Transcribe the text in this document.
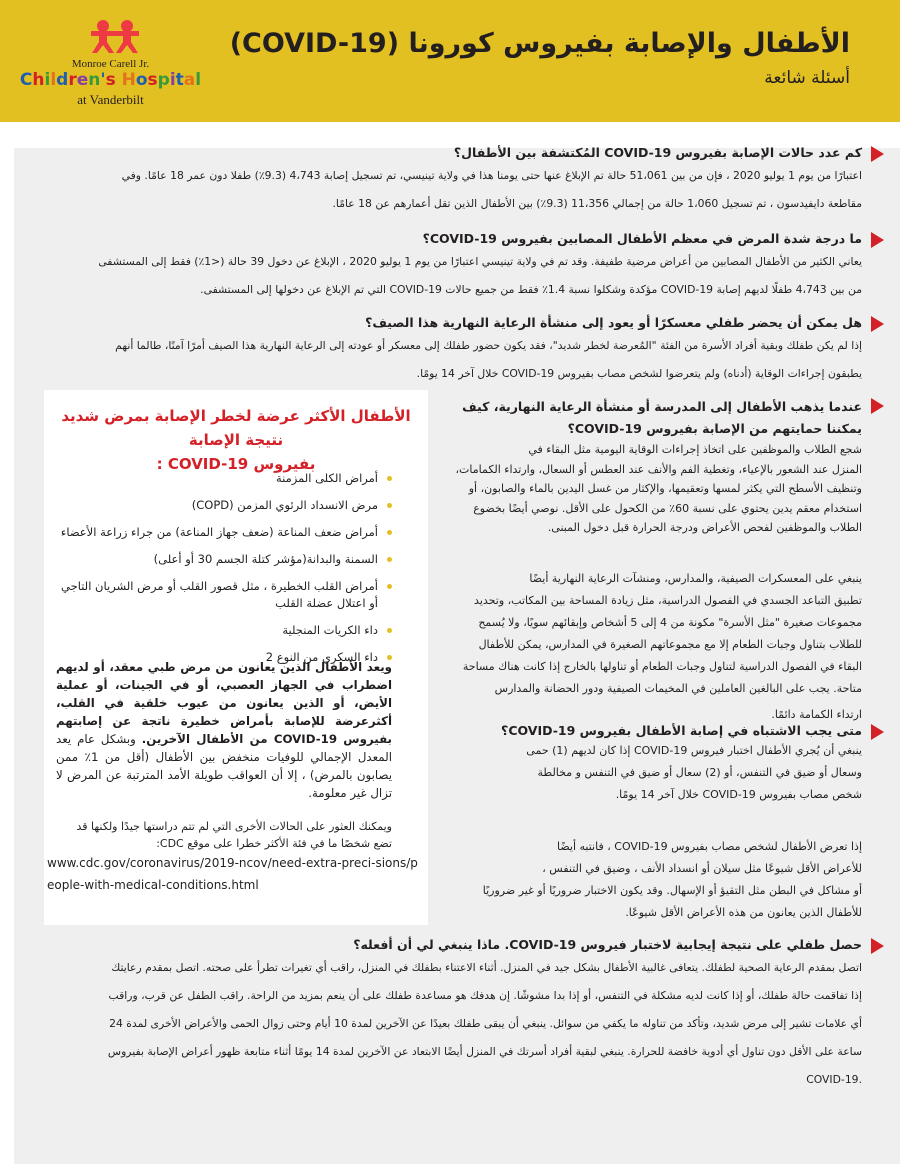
Monroe Carell Jr.
Children's Hospital
at Vanderbilt
الأطفال والإصابة بفيروس كورونا (COVID-19)
أسئلة شائعة
كم عدد حالات الإصابة بفيروس COVID-19 المُكتشفة بين الأطفال؟
اعتبارًا من يوم 1 يوليو 2020 ، فإن من بين 51،061 حالة تم الإبلاغ عنها حتى يومنا هذا في ولاية تينيسي، تم تسجيل إصابة 4،743 (9.3٪) طفلا دون عمر 18 عامًا. وفي
مقاطعة دايفيدسون ، تم تسجيل 1،060 حالة من إجمالي 11،356 (9.3٪) بين الأطفال الذين تقل أعمارهم عن 18 عامًا.
ما درجة شدة المرض في معظم الأطفال المصابين بفيروس COVID-19؟
يعاني الكثير من الأطفال المصابين من أعراض مرضية طفيفة. وقد تم في ولاية تينيسي اعتبارًا من يوم 1 يوليو 2020 ، الإبلاغ عن دخول 39 حالة (<1٪) فقط إلى المستشفى
من بين 4،743 طفلًا لديهم إصابة COVID-19 مؤكدة وشكلوا نسبة 1.4٪ فقط من جميع حالات COVID-19 التي تم الإبلاغ عن دخولها إلى المستشفى.
هل يمكن أن يحضر طفلي معسكرًا أو يعود إلى منشأة الرعاية النهارية هذا الصيف؟
إذا لم يكن طفلك وبقية أفراد الأسرة من الفئة "المُعرضة لخطر شديد"، فقد يكون حضور طفلك إلى معسكر أو عودته إلى الرعاية النهارية هذا الصيف أمرًا آمنًا، طالما أنهم
يطبقون إجراءات الوقاية (أدناه) ولم يتعرضوا لشخص مصاب بفيروس COVID-19 خلال آخر 14 يومًا.
عندما يذهب الأطفال إلى المدرسة أو منشأة الرعاية النهارية، كيف
يمكننا حمايتهم من الإصابة بفيروس COVID-19؟
شجع الطلاب والموظفين على اتخاذ إجراءات الوقاية اليومية مثل البقاء في
المنزل عند الشعور بالإعياء، وتغطية الفم والأنف عند العطس أو السعال، وارتداء الكمامات،
وتنظيف الأسطح التي يكثر لمسها وتعقيمها، والإكثار من غسل اليدين بالماء والصابون، أو
استخدام معقم يدين يحتوي على نسبة 60٪ من الكحول على الأقل. نوصي أيضًا بخضوع
الطلاب والموظفين لفحص الأعراض ودرجة الحرارة قبل دخول المبنى.
ينبغي على المعسكرات الصيفية، والمدارس، ومنشآت الرعاية النهارية أيضًا
تطبيق التباعد الجسدي في الفصول الدراسية، مثل زيادة المساحة بين المكاتب، وتحديد
مجموعات صغيرة "مثل الأسرة" مكونة من 4 إلى 5 أشخاص وإبقائهم سويًا، ولا يُسمح
للطلاب بتناول وجبات الطعام إلا مع مجموعاتهم الصغيرة في المدارس، يمكن للأطفال
البقاء في الفصول الدراسية لتناول وجبات الطعام أو تناولها بالخارج إذا كانت هناك مساحة
متاحة. يجب على البالغين العاملين في المخيمات الصيفية ودور الحضانة والمدارس
ارتداء الكمامة دائمًا.
متى يجب الاشتباه في إصابة الأطفال بفيروس COVID-19؟
ينبغي أن يُجري الأطفال اختبار فيروس COVID-19 إذا كان لديهم (1) حمى
وسعال أو ضيق في التنفس، أو (2) سعال أو ضيق في التنفس و مخالطة
شخص مصاب بفيروس COVID-19 خلال آخر 14 يومًا.
إذا تعرض الأطفال لشخص مصاب بفيروس COVID-19 ، فانتبه أيضًا
للأعراض الأقل شيوعًا مثل سيلان أو انسداد الأنف ، وضيق في التنفس ،
أو مشاكل في البطن مثل التقيؤ أو الإسهال. وقد يكون الاختبار ضروريًا أو غير ضروريًا
للأطفال الذين يعانون من هذه الأعراض الأقل شيوعًا.
حصل طفلي على نتيجة إيجابية لاختبار فيروس COVID-19. ماذا ينبغي لي أن أفعله؟
اتصل بمقدم الرعاية الصحية لطفلك. يتعافى غالبية الأطفال بشكل جيد في المنزل. أثناء الاعتناء بطفلك في المنزل، راقب أي تغيرات تطرأ على صحته. اتصل بمقدم رعايتك
إذا تفاقمت حالة طفلك، أو إذا كانت لديه مشكلة في التنفس، أو إذا بدا مشوشًا. إن هدفك هو مساعدة طفلك على أن ينعم بمزيد من الراحة. راقب الطفل عن قرب، وراقب
أي علامات تشير إلى مرض شديد، وتأكد من تناوله ما يكفي من سوائل. ينبغي أن يبقى طفلك بعيدًا عن الآخرين لمدة 10 أيام وحتى زوال الحمى والأعراض الأخرى لمدة 24
ساعة على الأقل دون تناول أي أدوية خافضة للحرارة. ينبغي لبقية أفراد أسرتك في المنزل أيضًا الابتعاد عن الآخرين لمدة 14 يومًا أثناء متابعة ظهور أعراض الإصابة بفيروس
.COVID-19
الأطفال الأكثر عرضة لخطر الإصابة بمرض شديد نتيجة الإصابة
بفيروس COVID-19 :
أمراض الكلى المزمنة
مرض الانسداد الرئوي المزمن (COPD)
أمراض ضعف المناعة (ضعف جهاز المناعة) من جراء زراعة الأعضاء
السمنة والبدانة(مؤشر كتلة الجسم 30 أو أعلى)
أمراض القلب الخطيرة ، مثل قصور القلب أو مرض الشريان التاجي أو اعتلال عضلة القلب
داء الكريات المنجلية
داء السكري من النوع 2
ويعد الأطفال الذين يعانون من مرض طبي معقد، أو لديهم اضطراب في الجهاز العصبي، أو في الجينات، أو عملية الأيض، أو الذين يعانون من عيوب خلقية في القلب، أكثرعرضة للإصابة بأمراض خطيرة ناتجة عن إصابتهم بفيروس COVID-19 من الأطفال الآخرين. وبشكل عام يعد المعدل الإجمالي للوفيات منخفض بين الأطفال (أقل من 1٪ ممن يصابون بالمرض) ، إلا أن العواقب طويلة الأمد المترتبة عن المرض لا تزال غير معلومة.
ويمكنك العثور على الحالات الأخرى التي لم تتم دراستها جيدًا ولكنها قد تضع شخصًا ما في فئة الأكثر خطرا على موقع CDC:
www.cdc.gov/coronavirus/2019-ncov/need-extra-preci-sions/people-with-medical-conditions.html
